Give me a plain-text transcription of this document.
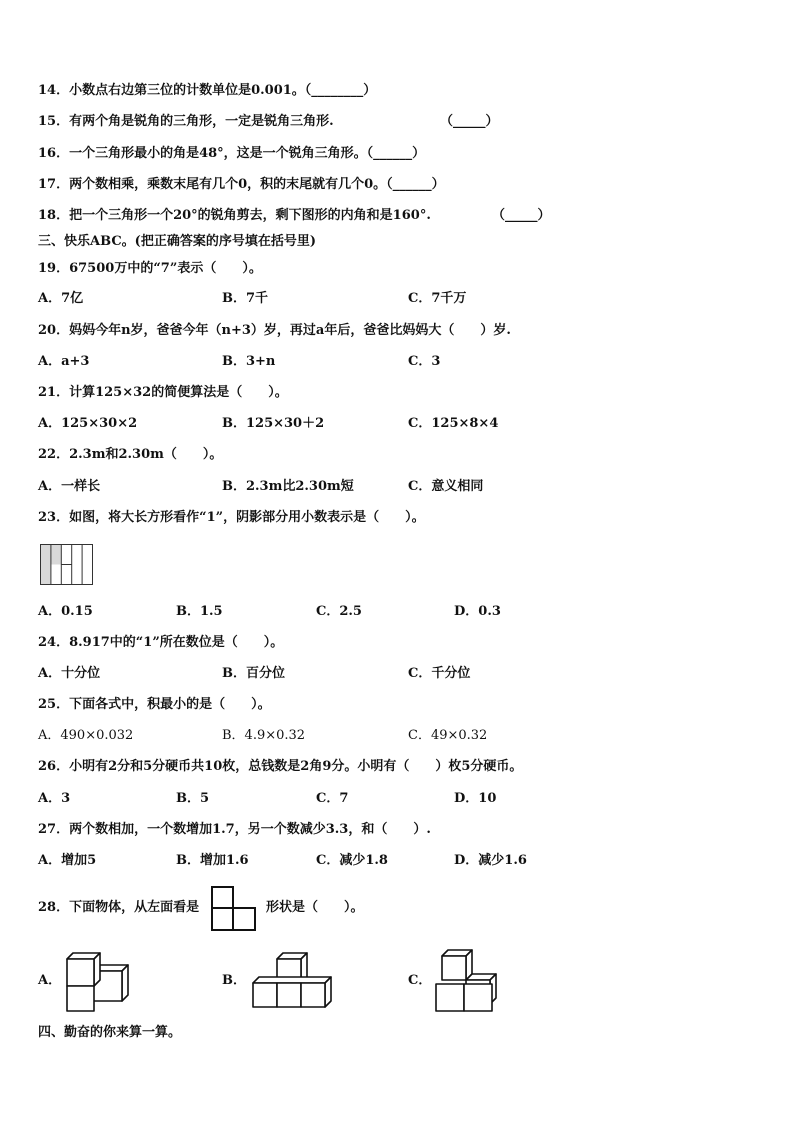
14．小数点右边第三位的计数单位是0.001。（________）
15．有两个角是锐角的三角形，一定是锐角三角形.	（_____）
16．一个三角形最小的角是48°，这是一个锐角三角形。（______）
17．两个数相乘，乘数末尾有几个0，积的末尾就有几个0。（______）
18．把一个三角形一个20°的锐角剪去，剩下图形的内角和是160°.	（_____）
三、快乐ABC。(把正确答案的序号填在括号里)
19．67500万中的“7”表示（　　）。
A．7亿	B．7千	C．7千万
20．妈妈今年n岁，爸爸今年（n+3）岁，再过a年后，爸爸比妈妈大（　　）岁.
A．a+3	B．3+n	C．3
21．计算125×32的简便算法是（　　）。
A．125×30×2	B．125×30＋2	C．125×8×4
22．2.3m和2.30m（　　）。
A．一样长	B．2.3m比2.30m短	C．意义相同
23．如图，将大长方形看作“1”，阴影部分用小数表示是（　　）。
A．0.15	B．1.5	C．2.5	D．0.3
24．8.917中的“1”所在数位是（　　）。
A．十分位	B．百分位	C．千分位
25．下面各式中，积最小的是（　　）。
A．490×0.032	B．4.9×0.32	C．49×0.32
26．小明有2分和5分硬币共10枚，总钱数是2角9分。小明有（　　）枚5分硬币。
A．3	B．5	C．7	D．10
27．两个数相加，一个数增加1.7，另一个数减少3.3，和（　　）.
A．增加5	B．增加1.6	C．减少1.8	D．减少1.6
28．下面物体，从左面看是	形状是（　　）。
A．	B．	C．
四、勤奋的你来算一算。
